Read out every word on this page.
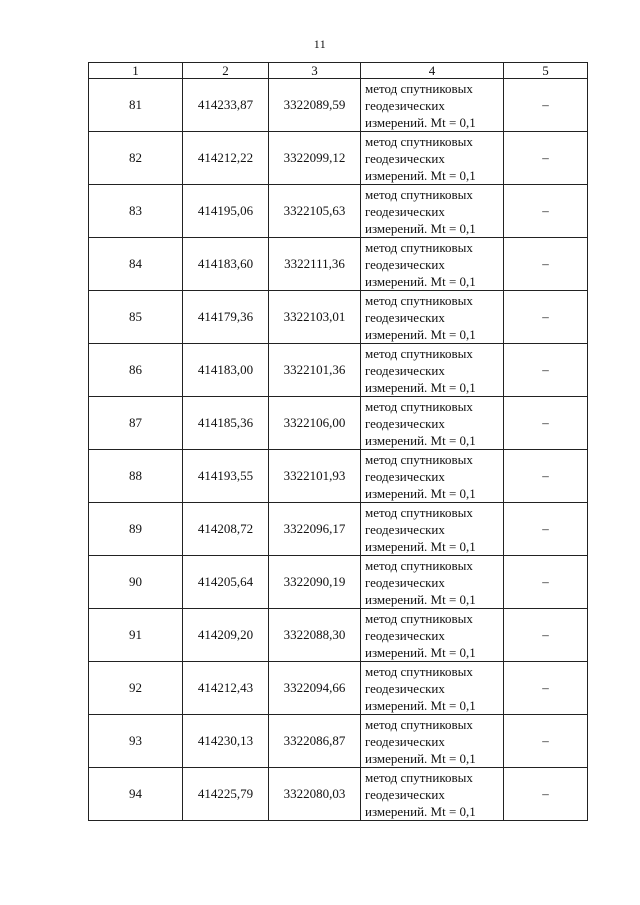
11
1	2	3	4	5
81	414233,87	3322089,59	метод спутниковых
геодезических
измерений. Mt = 0,1	–
82	414212,22	3322099,12	метод спутниковых
геодезических
измерений. Mt = 0,1	–
83	414195,06	3322105,63	метод спутниковых
геодезических
измерений. Mt = 0,1	–
84	414183,60	3322111,36	метод спутниковых
геодезических
измерений. Mt = 0,1	–
85	414179,36	3322103,01	метод спутниковых
геодезических
измерений. Mt = 0,1	–
86	414183,00	3322101,36	метод спутниковых
геодезических
измерений. Mt = 0,1	–
87	414185,36	3322106,00	метод спутниковых
геодезических
измерений. Mt = 0,1	–
88	414193,55	3322101,93	метод спутниковых
геодезических
измерений. Mt = 0,1	–
89	414208,72	3322096,17	метод спутниковых
геодезических
измерений. Mt = 0,1	–
90	414205,64	3322090,19	метод спутниковых
геодезических
измерений. Mt = 0,1	–
91	414209,20	3322088,30	метод спутниковых
геодезических
измерений. Mt = 0,1	–
92	414212,43	3322094,66	метод спутниковых
геодезических
измерений. Mt = 0,1	–
93	414230,13	3322086,87	метод спутниковых
геодезических
измерений. Mt = 0,1	–
94	414225,79	3322080,03	метод спутниковых
геодезических
измерений. Mt = 0,1	–
